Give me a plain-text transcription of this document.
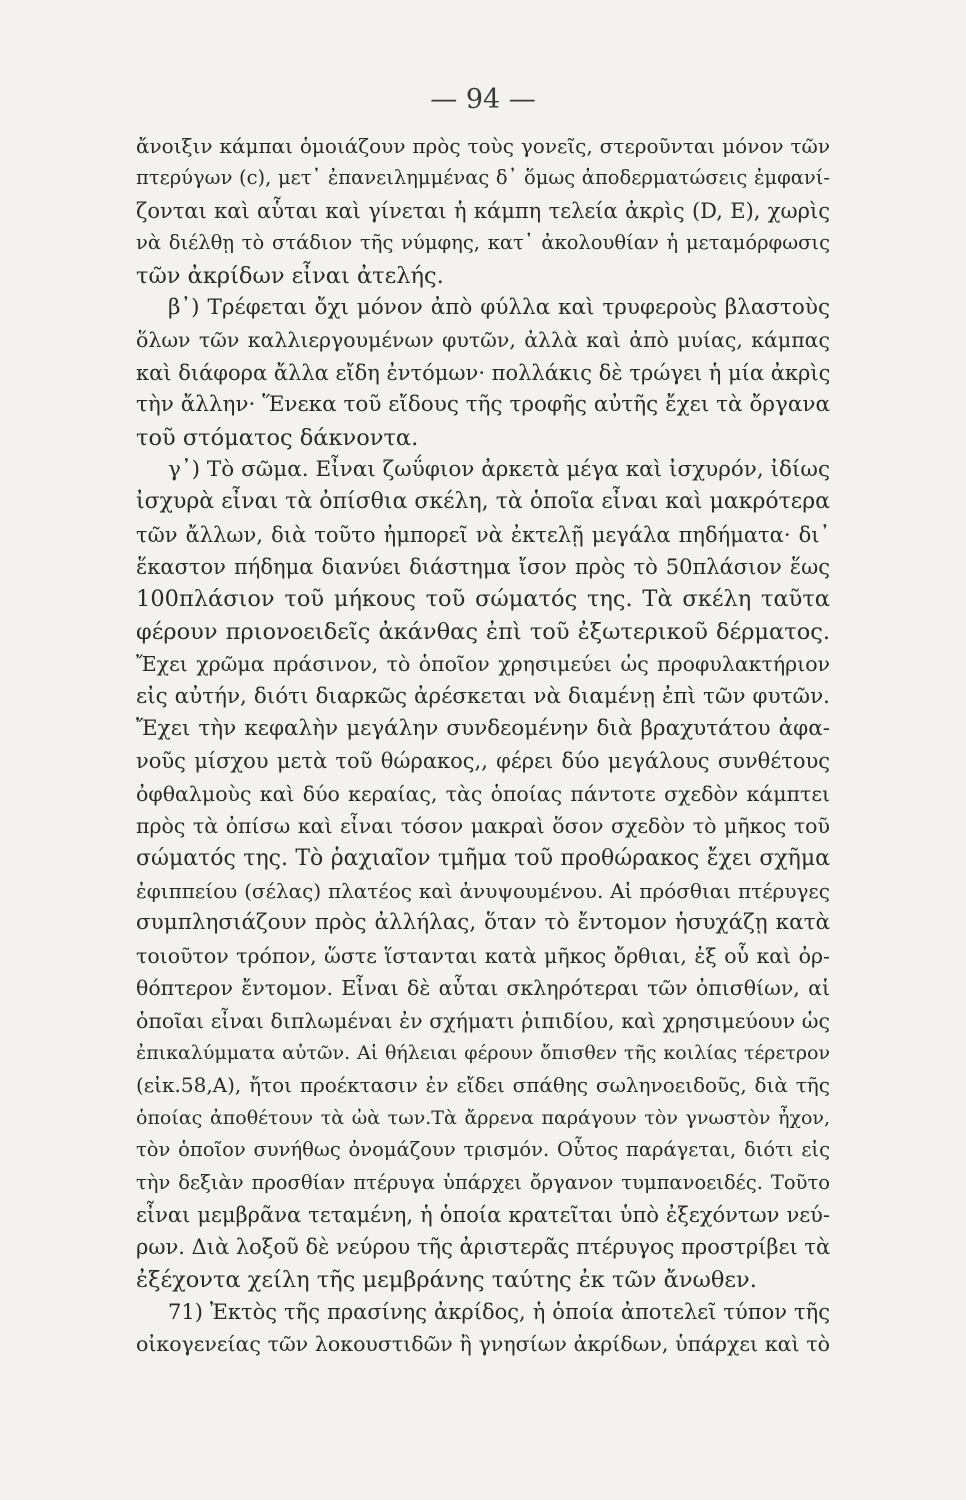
— 94 —
ἄνοιξιν κάμπαι ὁμοιάζουν πρὸς τοὺς γονεῖς, στεροῦνται μόνον τῶν
πτερύγων (c), μετ᾽ ἐπανειλημμένας δ᾽ ὅμως ἀποδερματώσεις ἐμφανί-
ζονται καὶ αὗται καὶ γίνεται ἡ κάμπη τελεία ἀκρὶς (D, E), χωρὶς
νὰ διέλθῃ τὸ στάδιον τῆς νύμφης, κατ᾽ ἀκολουθίαν ἡ μεταμόρφωσις
τῶν ἀκρίδων εἶναι ἀτελής.
β᾽) Τρέφεται ὄχι μόνον ἀπὸ φύλλα καὶ τρυφεροὺς βλαστοὺς
ὅλων τῶν καλλιεργουμένων φυτῶν, ἀλλὰ καὶ ἀπὸ μυίας, κάμπας
καὶ διάφορα ἄλλα εἴδη ἐντόμων· πολλάκις δὲ τρώγει ἡ μία ἀκρὶς
τὴν ἄλλην· Ἕνεκα τοῦ εἴδους τῆς τροφῆς αὐτῆς ἔχει τὰ ὄργανα
τοῦ στόματος δάκνοντα.
γ᾽) Τὸ σῶμα. Εἶναι ζωΰφιον ἀρκετὰ μέγα καὶ ἰσχυρόν, ἰδίως
ἰσχυρὰ εἶναι τὰ ὀπίσθια σκέλη, τὰ ὁποῖα εἶναι καὶ μακρότερα
τῶν ἄλλων, διὰ τοῦτο ἠμπορεῖ νὰ ἐκτελῇ μεγάλα πηδήματα· δι᾽
ἕκαστον πήδημα διανύει διάστημα ἴσον πρὸς τὸ 50πλάσιον ἕως
100πλάσιον τοῦ μήκους τοῦ σώματός της. Τὰ σκέλη ταῦτα
φέρουν πριονοειδεῖς ἀκάνθας ἐπὶ τοῦ ἐξωτερικοῦ δέρματος.
Ἔχει χρῶμα πράσινον, τὸ ὁποῖον χρησιμεύει ὡς προφυλακτήριον
εἰς αὐτήν, διότι διαρκῶς ἀρέσκεται νὰ διαμένῃ ἐπὶ τῶν φυτῶν.
Ἔχει τὴν κεφαλὴν μεγάλην συνδεομένην διὰ βραχυτάτου ἀφα-
νοῦς μίσχου μετὰ τοῦ θώρακος,, φέρει δύο μεγάλους συνθέτους
ὀφθαλμοὺς καὶ δύο κεραίας, τὰς ὁποίας πάντοτε σχεδὸν κάμπτει
πρὸς τὰ ὀπίσω καὶ εἶναι τόσον μακραὶ ὅσον σχεδὸν τὸ μῆκος τοῦ
σώματός της. Τὸ ῥαχιαῖον τμῆμα τοῦ προθώρακος ἔχει σχῆμα
ἐφιππείου (σέλας) πλατέος καὶ ἀνυψουμένου. Αἱ πρόσθιαι πτέρυγες
συμπλησιάζουν πρὸς ἀλλήλας, ὅταν τὸ ἔντομον ἡσυχάζῃ κατὰ
τοιοῦτον τρόπον, ὥστε ἵστανται κατὰ μῆκος ὄρθιαι, ἐξ οὗ καὶ ὀρ-
θόπτερον ἔντομον. Εἶναι δὲ αὗται σκληρότεραι τῶν ὀπισθίων, αἱ
ὁποῖαι εἶναι διπλωμέναι ἐν σχήματι ῥιπιδίου, καὶ χρησιμεύουν ὡς
ἐπικαλύμματα αὐτῶν. Αἱ θήλειαι φέρουν ὄπισθεν τῆς κοιλίας τέρετρον
(εἰκ.58,A), ἤτοι προέκτασιν ἐν εἴδει σπάθης σωληνοειδοῦς, διὰ τῆς
ὁποίας ἀποθέτουν τὰ ὠὰ των.Τὰ ἄρρενα παράγουν τὸν γνωστὸν ἦχον,
τὸν ὁποῖον συνήθως ὀνομάζουν τρισμόν. Οὗτος παράγεται, διότι εἰς
τὴν δεξιὰν προσθίαν πτέρυγα ὑπάρχει ὄργανον τυμπανοειδές. Τοῦτο
εἶναι μεμβρᾶνα τεταμένη, ἡ ὁποία κρατεῖται ὑπὸ ἐξεχόντων νεύ-
ρων. Διὰ λοξοῦ δὲ νεύρου τῆς ἀριστερᾶς πτέρυγος προστρίβει τὰ
ἐξέχοντα χείλη τῆς μεμβράνης ταύτης ἐκ τῶν ἄνωθεν.
71) Ἐκτὸς τῆς πρασίνης ἀκρίδος, ἡ ὁποία ἀποτελεῖ τύπον τῆς
οἰκογενείας τῶν λοκουστιδῶν ἢ γνησίων ἀκρίδων, ὑπάρχει καὶ τὸ
